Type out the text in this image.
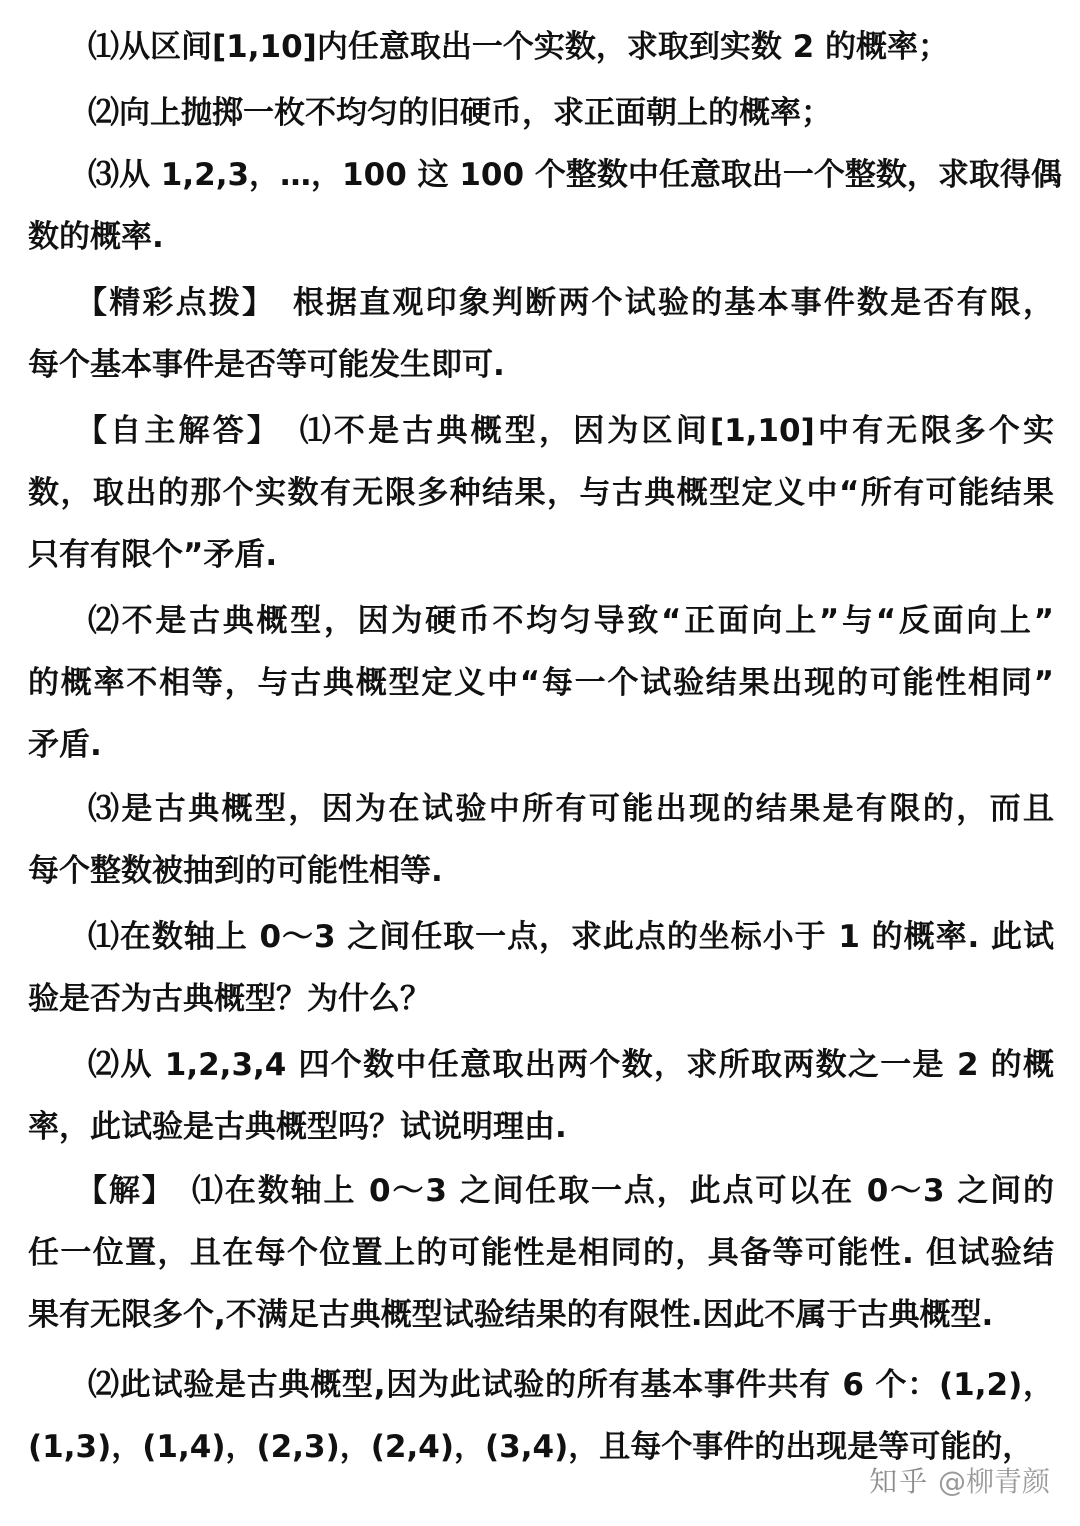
⑴从区间[1,10]内任意取出一个实数，求取到实数 2 的概率；

⑵向上抛掷一枚不均匀的旧硬币，求正面朝上的概率；

⑶从 1,2,3，…，100 这 100 个整数中任意取出一个整数，求取得偶
数的概率.

【精彩点拨】　根据直观印象判断两个试验的基本事件数是否有限，
每个基本事件是否等可能发生即可.

【自主解答】　⑴不是古典概型，因为区间[1,10]中有无限多个实
数，取出的那个实数有无限多种结果，与古典概型定义中“所有可能结果
只有有限个”矛盾.

⑵不是古典概型，因为硬币不均匀导致“正面向上”与“反面向上”
的概率不相等，与古典概型定义中“每一个试验结果出现的可能性相同”
矛盾.

⑶是古典概型，因为在试验中所有可能出现的结果是有限的，而且
每个整数被抽到的可能性相等.

⑴在数轴上 0～3 之间任取一点，求此点的坐标小于 1 的概率. 此试
验是否为古典概型？为什么？

⑵从 1,2,3,4 四个数中任意取出两个数，求所取两数之一是 2 的概
率，此试验是古典概型吗？试说明理由.

【解】　⑴在数轴上 0～3 之间任取一点，此点可以在 0～3 之间的
任一位置，且在每个位置上的可能性是相同的，具备等可能性. 但试验结
果有无限多个,不满足古典概型试验结果的有限性.因此不属于古典概型.

⑵此试验是古典概型,因为此试验的所有基本事件共有 6 个：(1,2)，
(1,3)，(1,4)，(2,3)，(2,4)，(3,4)，且每个事件的出现是等可能的，

知乎 @柳青颜
